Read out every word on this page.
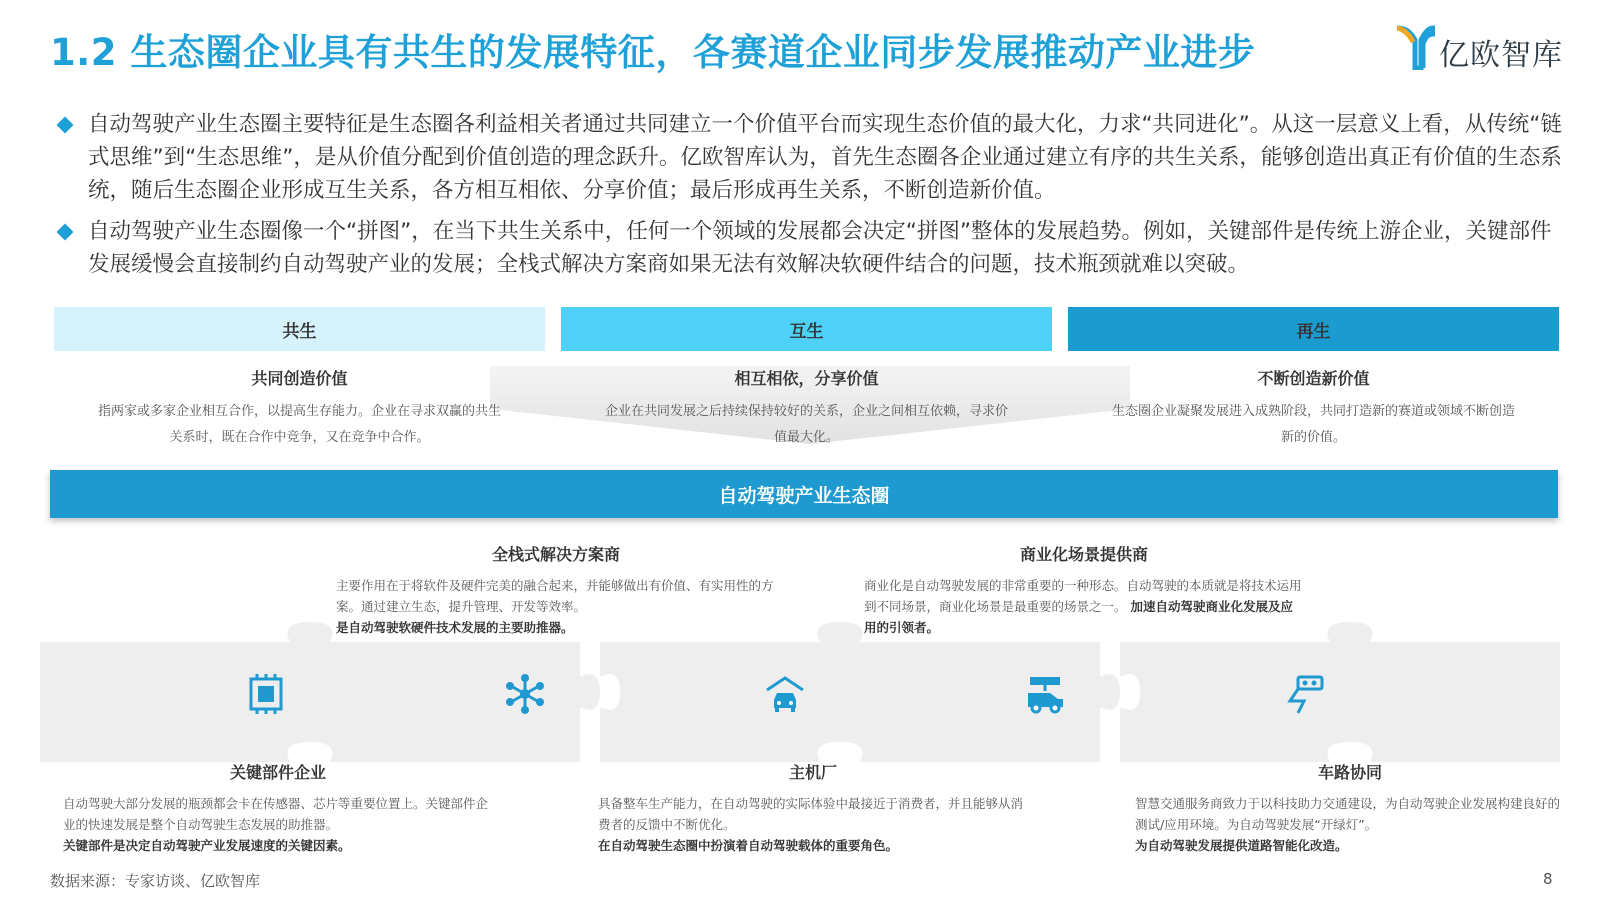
1.2 生态圈企业具有共生的发展特征，各赛道企业同步发展推动产业进步	亿欧智库
自动驾驶产业生态圈主要特征是生态圈各利益相关者通过共同建立一个价值平台而实现生态价值的最大化，力求“共同进化”。从这一层意义上看，从传统“链式思维”到“生态思维”，是从价值分配到价值创造的理念跃升。亿欧智库认为，首先生态圈各企业通过建立有序的共生关系，能够创造出真正有价值的生态系统，随后生态圈企业形成互生关系，各方相互相依、分享价值；最后形成再生关系，不断创造新价值。
自动驾驶产业生态圈像一个“拼图”，在当下共生关系中，任何一个领域的发展都会决定“拼图”整体的发展趋势。例如，关键部件是传统上游企业，关键部件发展缓慢会直接制约自动驾驶产业的发展；全栈式解决方案商如果无法有效解决软硬件结合的问题，技术瓶颈就难以突破。
共生	互生	再生
共同创造价值
指两家或多家企业相互合作，以提高生存能力。企业在寻求双赢的共生关系时，既在合作中竞争，又在竞争中合作。
相互相依，分享价值
企业在共同发展之后持续保持较好的关系，企业之间相互依赖，寻求价值最大化。
不断创造新价值
生态圈企业凝聚发展进入成熟阶段，共同打造新的赛道或领域不断创造新的价值。
自动驾驶产业生态圈
全栈式解决方案商
主要作用在于将软件及硬件完美的融合起来，并能够做出有价值、有实用性的方案。通过建立生态，提升管理、开发等效率。
是自动驾驶软硬件技术发展的主要助推器。
商业化场景提供商
商业化是自动驾驶发展的非常重要的一种形态。自动驾驶的本质就是将技术运用到不同场景，商业化场景是最重要的场景之一。 加速自动驾驶商业化发展及应用的引领者。
关键部件企业
自动驾驶大部分发展的瓶颈都会卡在传感器、芯片等重要位置上。关键部件企业的快速发展是整个自动驾驶生态发展的助推器。
关键部件是决定自动驾驶产业发展速度的关键因素。
主机厂
具备整车生产能力，在自动驾驶的实际体验中最接近于消费者，并且能够从消费者的反馈中不断优化。
在自动驾驶生态圈中扮演着自动驾驶载体的重要角色。
车路协同
智慧交通服务商致力于以科技助力交通建设，为自动驾驶企业发展构建良好的测试/应用环境。为自动驾驶发展“开绿灯”。
为自动驾驶发展提供道路智能化改造。
数据来源：专家访谈、亿欧智库	8
